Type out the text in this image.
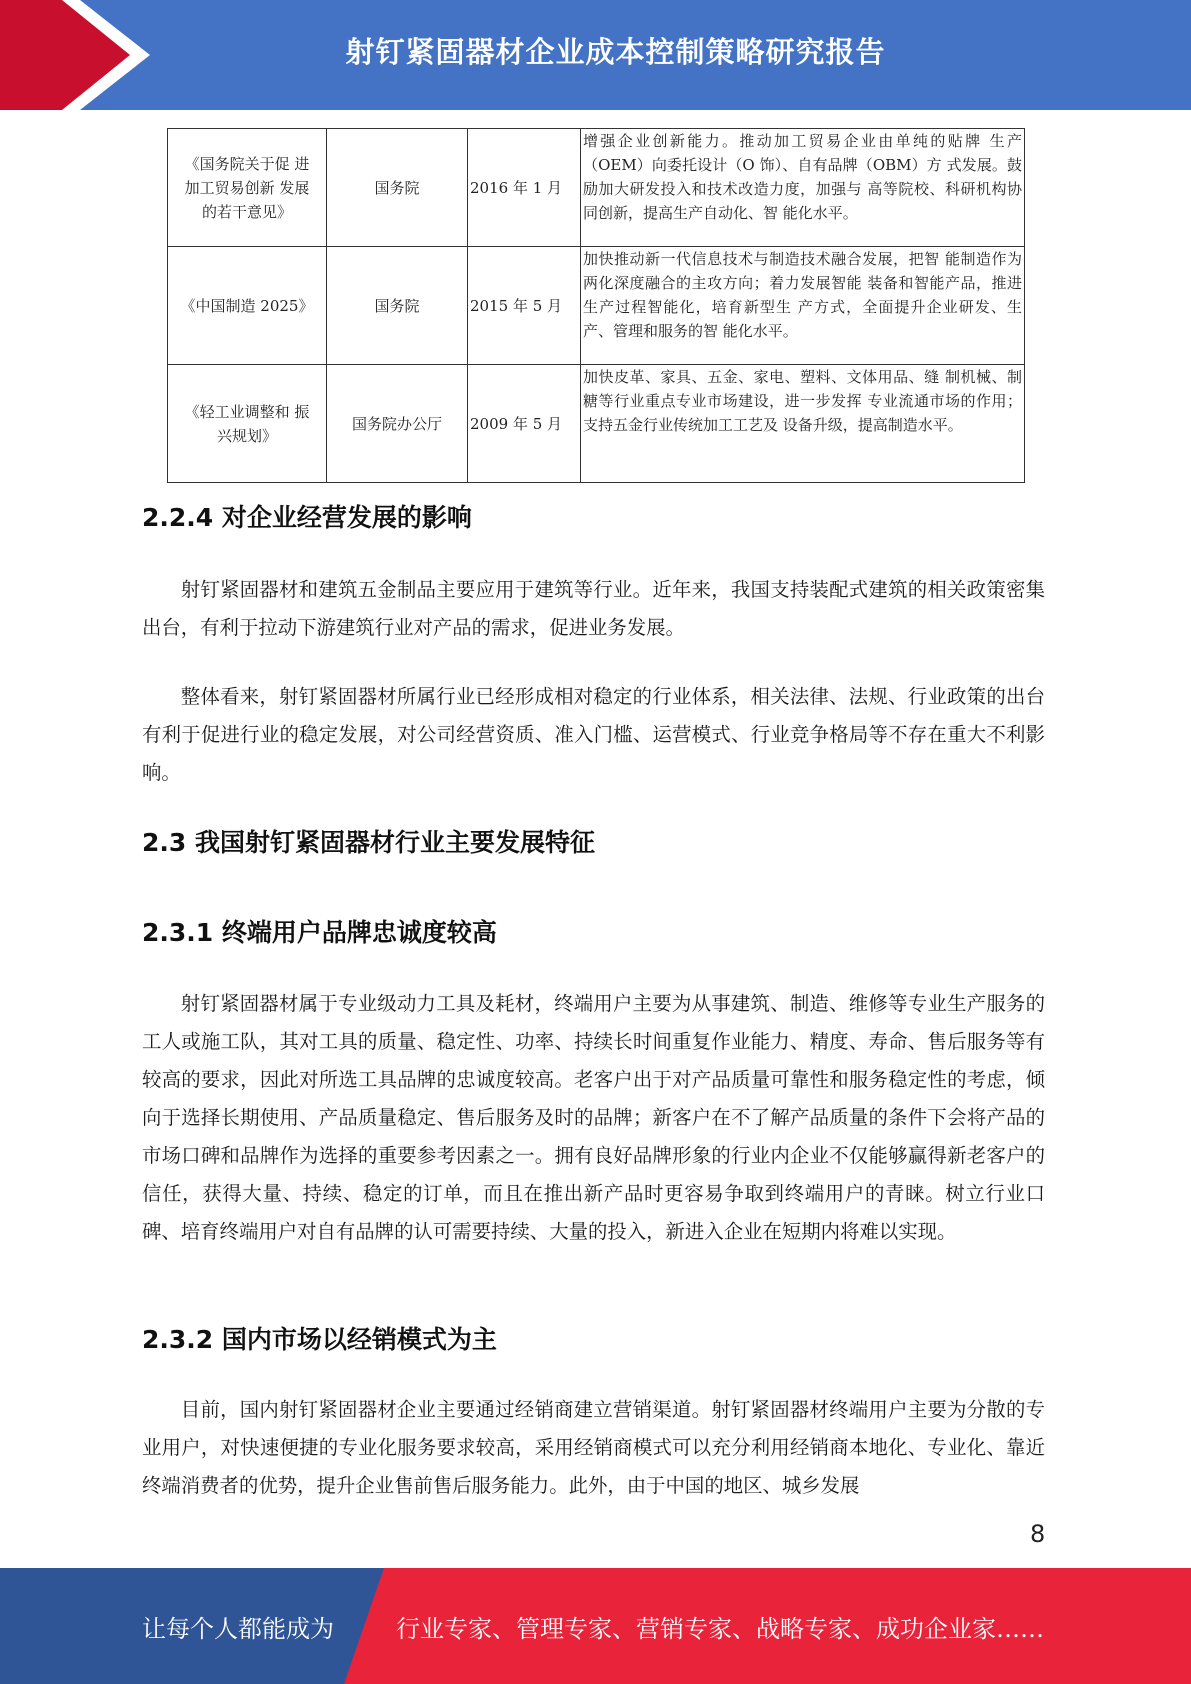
射钉紧固器材企业成本控制策略研究报告
《国务院关于促 进加工贸易创新 发展的若干意见》	国务院	2016 年 1 月	增强企业创新能力。推动加工贸易企业由单纯的贴牌 生产（OEM）向委托设计（O 饰）、自有品牌（OBM）方 式发展。鼓励加大研发投入和技术改造力度，加强与 高等院校、科研机构协同创新，提高生产自动化、智 能化水平。
《中国制造 2025》	国务院	2015 年 5 月	加快推动新一代信息技术与制造技术融合发展，把智 能制造作为两化深度融合的主攻方向；着力发展智能 装备和智能产品，推进生产过程智能化，培育新型生 产方式，全面提升企业研发、生产、管理和服务的智 能化水平。
《轻工业调整和 振兴规划》	国务院办公厅	2009 年 5 月	加快皮革、家具、五金、家电、塑料、文体用品、缝 制机械、制糖等行业重点专业市场建设，进一步发挥 专业流通市场的作用；支持五金行业传统加工工艺及 设备升级，提高制造水平。
2.2.4 对企业经营发展的影响

射钉紧固器材和建筑五金制品主要应用于建筑等行业。近年来，我国支持装配式建筑的相关政策密集出台，有利于拉动下游建筑行业对产品的需求，促进业务发展。

整体看来，射钉紧固器材所属行业已经形成相对稳定的行业体系，相关法律、法规、行业政策的出台有利于促进行业的稳定发展，对公司经营资质、准入门槛、运营模式、行业竞争格局等不存在重大不利影响。

2.3 我国射钉紧固器材行业主要发展特征
2.3.1 终端用户品牌忠诚度较高

射钉紧固器材属于专业级动力工具及耗材，终端用户主要为从事建筑、制造、维修等专业生产服务的工人或施工队，其对工具的质量、稳定性、功率、持续长时间重复作业能力、精度、寿命、售后服务等有较高的要求，因此对所选工具品牌的忠诚度较高。老客户出于对产品质量可靠性和服务稳定性的考虑，倾向于选择长期使用、产品质量稳定、售后服务及时的品牌；新客户在不了解产品质量的条件下会将产品的市场口碑和品牌作为选择的重要参考因素之一。拥有良好品牌形象的行业内企业不仅能够赢得新老客户的信任，获得大量、持续、稳定的订单，而且在推出新产品时更容易争取到终端用户的青睐。树立行业口碑、培育终端用户对自有品牌的认可需要持续、大量的投入，新进入企业在短期内将难以实现。

2.3.2 国内市场以经销模式为主

目前，国内射钉紧固器材企业主要通过经销商建立营销渠道。射钉紧固器材终端用户主要为分散的专业用户，对快速便捷的专业化服务要求较高，采用经销商模式可以充分利用经销商本地化、专业化、靠近终端消费者的优势，提升企业售前售后服务能力。此外，由于中国的地区、城乡发展

8
让每个人都能成为	行业专家、管理专家、营销专家、战略专家、成功企业家……
